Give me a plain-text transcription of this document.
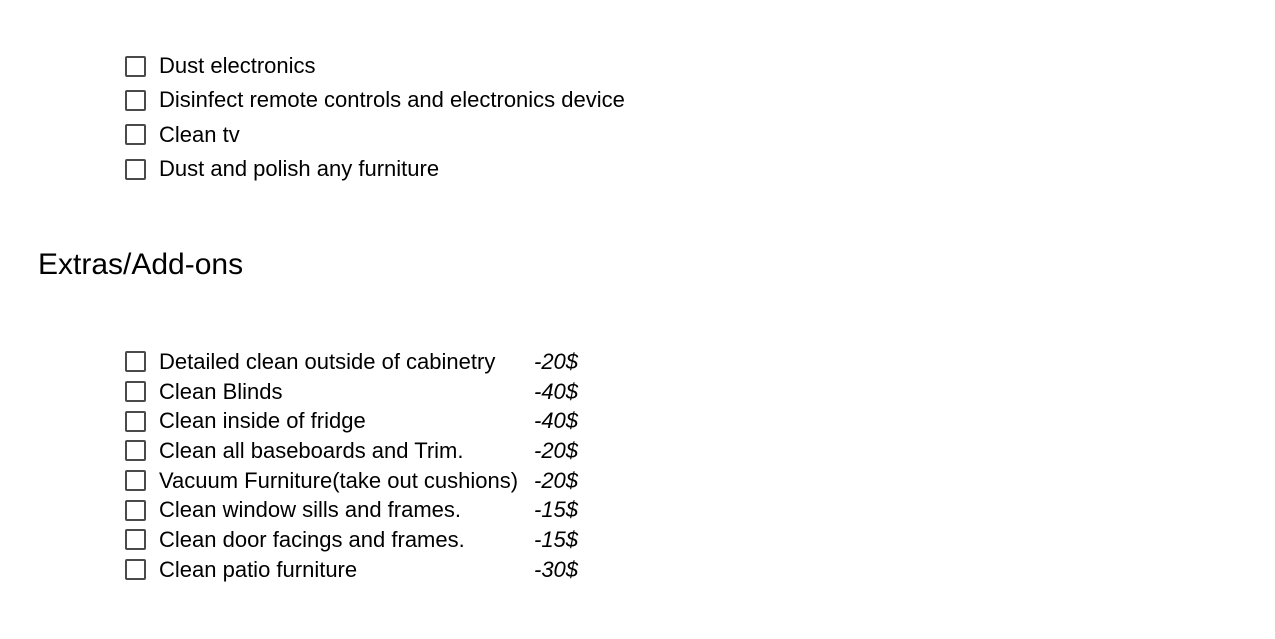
Dust electronics
Disinfect remote controls and electronics device
Clean tv
Dust and polish any furniture
Extras/Add-ons
Detailed clean outside of cabinetry	-20$
Clean Blinds	-40$
Clean inside of fridge	-40$
Clean all baseboards and Trim.	-20$
Vacuum Furniture(take out cushions) -20$
Clean window sills and frames.	-15$
Clean door facings and frames.	-15$
Clean patio furniture	-30$
